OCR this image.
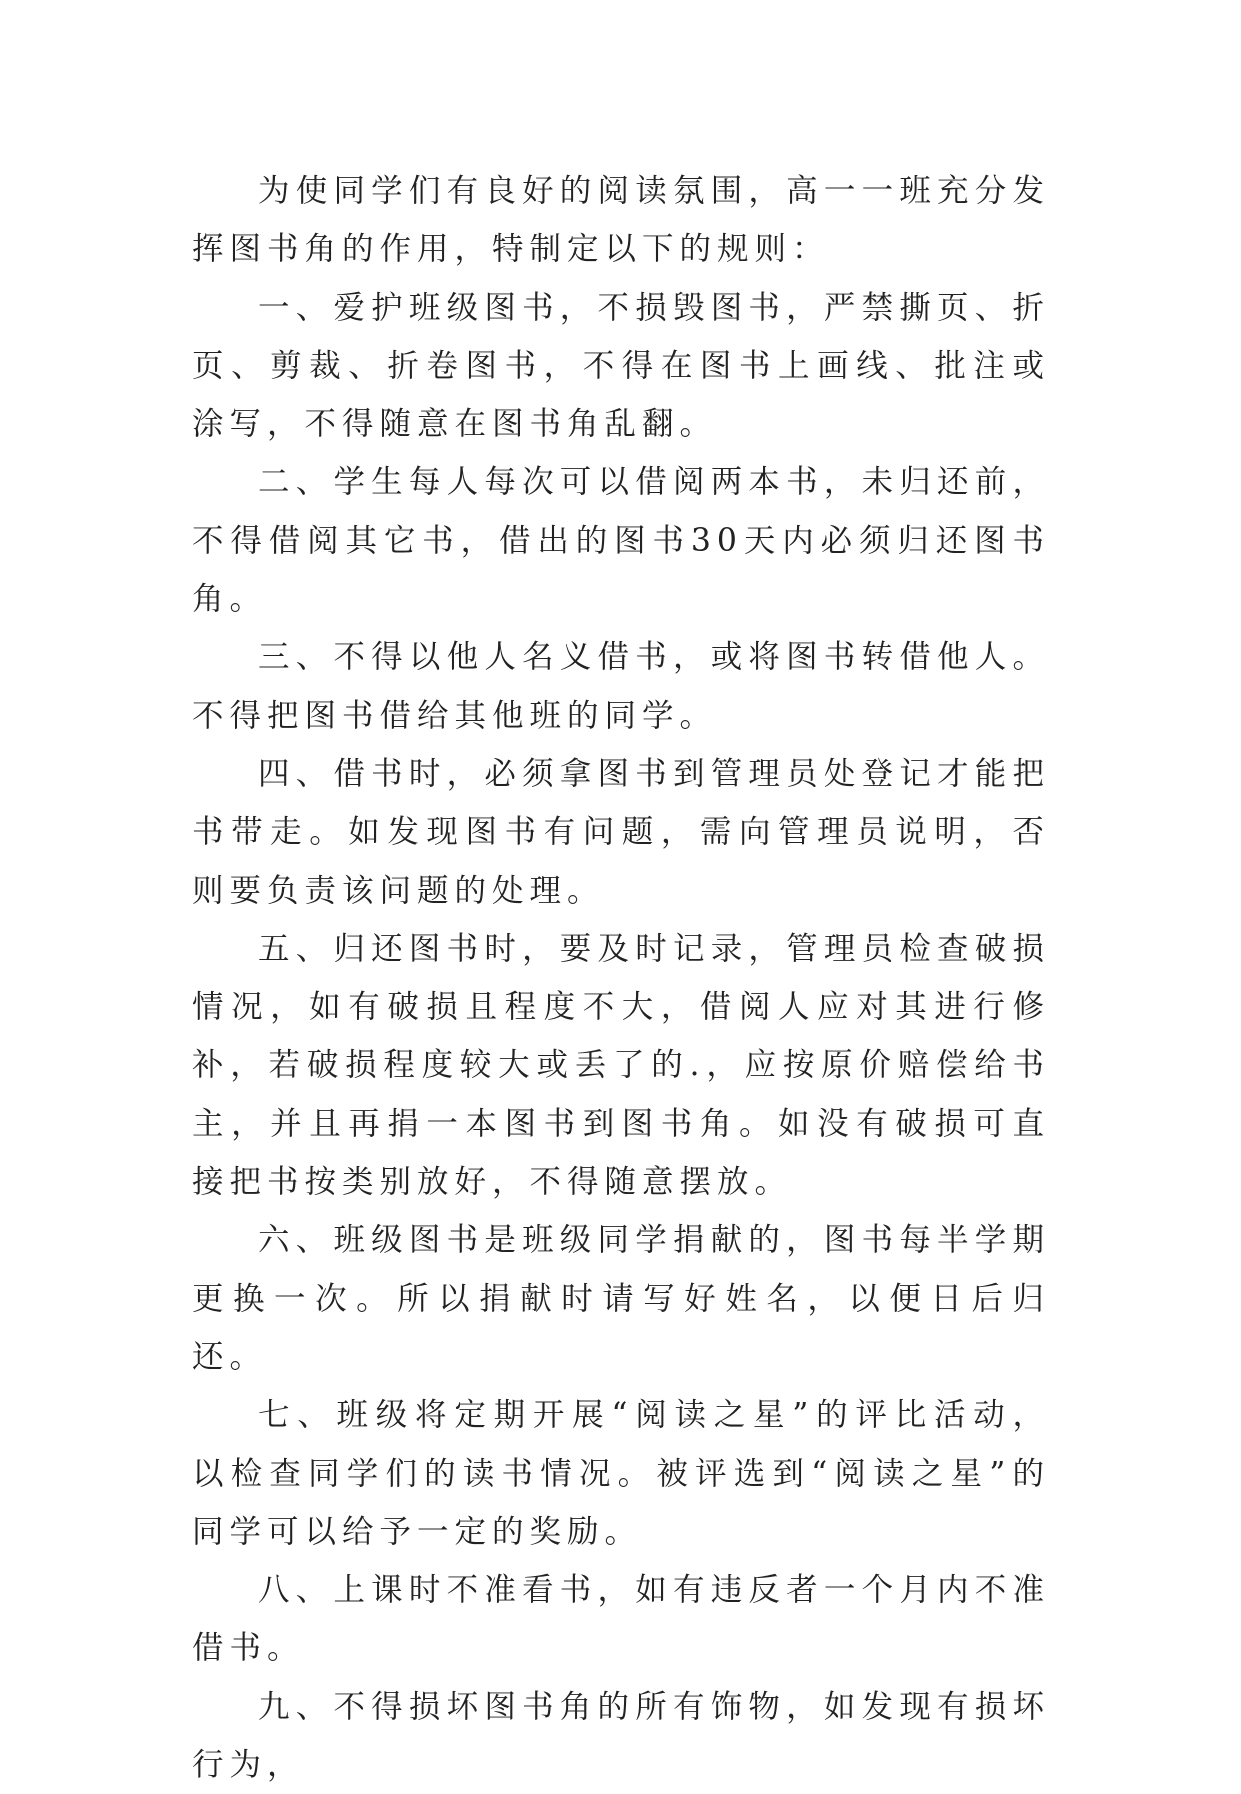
为使同学们有良好的阅读氛围，高一一班充分发挥图书角的作用，特制定以下的规则：

一、爱护班级图书，不损毁图书，严禁撕页、折页、剪裁、折卷图书，不得在图书上画线、批注或涂写，不得随意在图书角乱翻。

二、学生每人每次可以借阅两本书，未归还前，不得借阅其它书，借出的图书30天内必须归还图书角。

三、不得以他人名义借书，或将图书转借他人。不得把图书借给其他班的同学。

四、借书时，必须拿图书到管理员处登记才能把书带走。如发现图书有问题，需向管理员说明，否则要负责该问题的处理。

五、归还图书时，要及时记录，管理员检查破损情况，如有破损且程度不大，借阅人应对其进行修补，若破损程度较大或丢了的.，应按原价赔偿给书主，并且再捐一本图书到图书角。如没有破损可直接把书按类别放好，不得随意摆放。

六、班级图书是班级同学捐献的，图书每半学期更换一次。所以捐献时请写好姓名，以便日后归还。

七、班级将定期开展“阅读之星”的评比活动，以检查同学们的读书情况。被评选到“阅读之星”的同学可以给予一定的奖励。

八、上课时不准看书，如有违反者一个月内不准借书。

九、不得损坏图书角的所有饰物，如发现有损坏行为，
